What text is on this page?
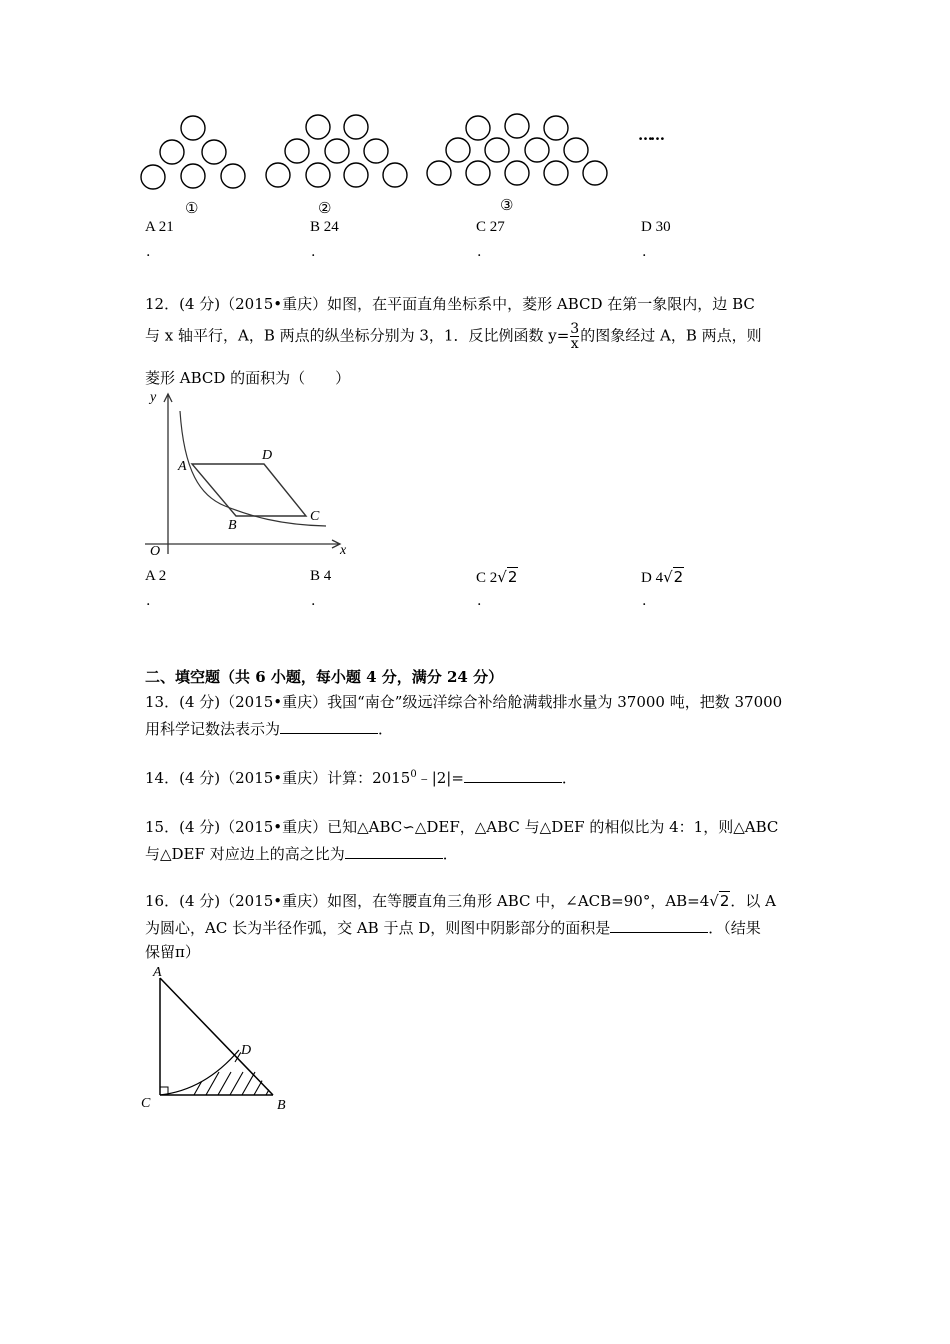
……
①	②	③
A 21	B 24	C 27	D 30
.	.	.	.
12．(4 分)（2015•重庆）如图，在平面直角坐标系中，菱形 ABCD 在第一象限内，边 BC
与 x 轴平行，A，B 两点的纵坐标分别为 3，1．反比例函数 $y= \frac{3}{x}$ 的图象经过 A，B 两点，则
菱形 ABCD 的面积为（　　）
y
x
O
A
D
B
C
A 2	B 4	C 2√2	D 4√2
.	.	.	.
二、填空题（共 6 小题，每小题 4 分，满分 24 分）
13．(4 分)（2015•重庆）我国“南仓”级远洋综合补给舱满载排水量为 37000 吨，把数 37000
用科学记数法表示为	．
14．(4 分)（2015•重庆）计算：$2015^0﹣|2|=$	．
15．(4 分)（2015•重庆）已知△ABC∽△DEF，△ABC 与△DEF 的相似比为 4：1，则△ABC
与△DEF 对应边上的高之比为	．
16．(4 分)（2015•重庆）如图，在等腰直角三角形 ABC 中，∠ACB=90°，AB=4√2．以 A
为圆心，AC 长为半径作弧，交 AB 于点 D，则图中阴影部分的面积是	．（结果
保留π）
A
D
C	B
